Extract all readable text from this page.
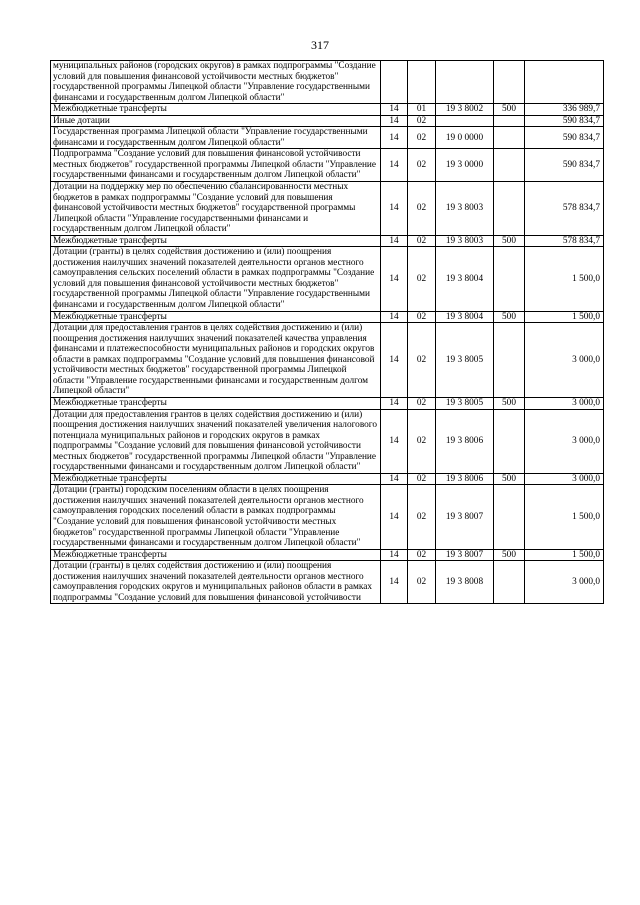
317
муниципальных районов (городских округов) в рамках подпрограммы "Создание условий для повышения финансовой устойчивости местных бюджетов" государственной программы Липецкой области "Управление государственными финансами и государственным долгом Липецкой области"					
Межбюджетные трансферты	14	01	19 3 8002	500	336 989,7
Иные дотации	14	02			590 834,7
Государственная программа Липецкой области "Управление государственными финансами и государственным долгом Липецкой области"	14	02	19 0 0000		590 834,7
Подпрограмма "Создание условий для повышения финансовой устойчивости местных бюджетов" государственной программы Липецкой области "Управление государственными финансами и государственным долгом Липецкой области"	14	02	19 3 0000		590 834,7
Дотации на поддержку мер по обеспечению сбалансированности местных бюджетов в рамках подпрограммы "Создание условий для повышения финансовой устойчивости местных бюджетов" государственной программы Липецкой области "Управление государственными финансами и государственным долгом Липецкой области"	14	02	19 3 8003		578 834,7
Межбюджетные трансферты	14	02	19 3 8003	500	578 834,7
Дотации (гранты) в целях содействия достижению и (или) поощрения достижения наилучших значений показателей деятельности органов местного самоуправления сельских поселений области в рамках подпрограммы "Создание условий для повышения финансовой устойчивости местных бюджетов" государственной программы Липецкой области "Управление государственными финансами и государственным долгом Липецкой области"	14	02	19 3 8004		1 500,0
Межбюджетные трансферты	14	02	19 3 8004	500	1 500,0
Дотации для предоставления грантов в целях содействия достижению и (или) поощрения достижения наилучших значений показателей качества управления финансами и платежеспособности муниципальных районов и городских округов области в рамках подпрограммы "Создание условий для повышения финансовой устойчивости местных бюджетов" государственной программы Липецкой области "Управление государственными финансами и государственным долгом Липецкой области"	14	02	19 3 8005		3 000,0
Межбюджетные трансферты	14	02	19 3 8005	500	3 000,0
Дотации для предоставления грантов в целях содействия достижению и (или) поощрения достижения наилучших значений показателей увеличения налогового потенциала муниципальных районов и городских округов в рамках подпрограммы "Создание условий для повышения финансовой устойчивости местных бюджетов" государственной программы Липецкой области "Управление государственными финансами и государственным долгом Липецкой области"	14	02	19 3 8006		3 000,0
Межбюджетные трансферты	14	02	19 3 8006	500	3 000,0
Дотации (гранты) городским поселениям области в целях поощрения достижения наилучших значений показателей деятельности органов местного самоуправления городских поселений области в рамках подпрограммы "Создание условий для повышения финансовой устойчивости местных бюджетов" государственной программы Липецкой области "Управление государственными финансами и государственным долгом Липецкой области"	14	02	19 3 8007		1 500,0
Межбюджетные трансферты	14	02	19 3 8007	500	1 500,0
Дотации (гранты) в целях содействия достижению и (или) поощрения достижения наилучших значений показателей деятельности органов местного самоуправления городских округов и муниципальных районов области в рамках подпрограммы "Создание условий для повышения финансовой устойчивости	14	02	19 3 8008		3 000,0
